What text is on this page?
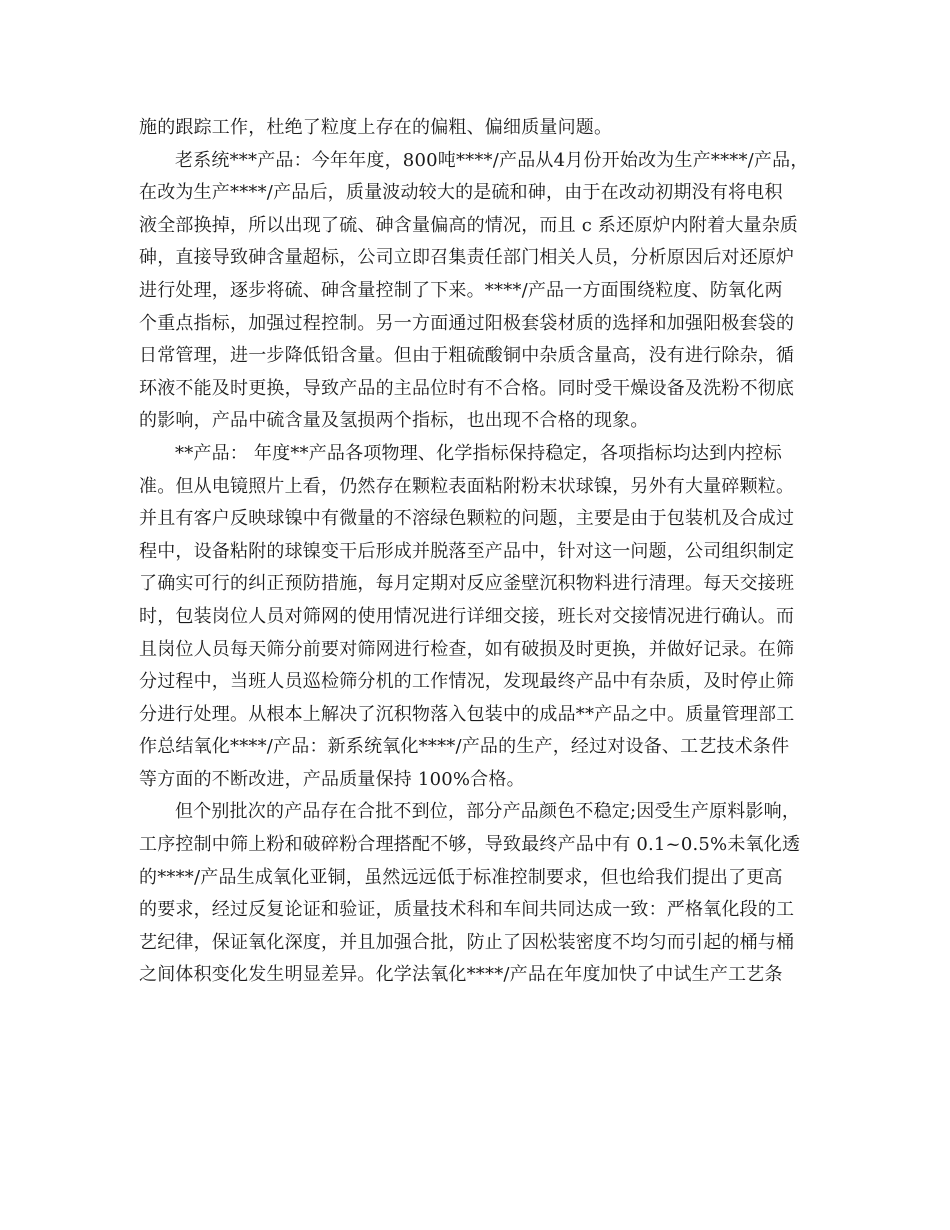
施的跟踪工作，杜绝了粒度上存在的偏粗、偏细质量问题。
老系统***产品：今年年度，800吨****/产品从4月份开始改为生产****/产品，
在改为生产****/产品后，质量波动较大的是硫和砷，由于在改动初期没有将电积
液全部换掉，所以出现了硫、砷含量偏高的情况，而且 c 系还原炉内附着大量杂质
砷，直接导致砷含量超标，公司立即召集责任部门相关人员，分析原因后对还原炉
进行处理，逐步将硫、砷含量控制了下来。****/产品一方面围绕粒度、防氧化两
个重点指标，加强过程控制。另一方面通过阳极套袋材质的选择和加强阳极套袋的
日常管理，进一步降低铅含量。但由于粗硫酸铜中杂质含量高，没有进行除杂，循
环液不能及时更换，导致产品的主品位时有不合格。同时受干燥设备及洗粉不彻底
的影响，产品中硫含量及氢损两个指标，也出现不合格的现象。
**产品： 年度**产品各项物理、化学指标保持稳定，各项指标均达到内控标
准。但从电镜照片上看，仍然存在颗粒表面粘附粉末状球镍，另外有大量碎颗粒。
并且有客户反映球镍中有微量的不溶绿色颗粒的问题，主要是由于包装机及合成过
程中，设备粘附的球镍变干后形成并脱落至产品中，针对这一问题，公司组织制定
了确实可行的纠正预防措施，每月定期对反应釜壁沉积物料进行清理。每天交接班
时，包装岗位人员对筛网的使用情况进行详细交接，班长对交接情况进行确认。而
且岗位人员每天筛分前要对筛网进行检查，如有破损及时更换，并做好记录。在筛
分过程中，当班人员巡检筛分机的工作情况，发现最终产品中有杂质，及时停止筛
分进行处理。从根本上解决了沉积物落入包装中的成品**产品之中。质量管理部工
作总结氧化****/产品：新系统氧化****/产品的生产，经过对设备、工艺技术条件
等方面的不断改进，产品质量保持 100%合格。
但个别批次的产品存在合批不到位，部分产品颜色不稳定;因受生产原料影响，
工序控制中筛上粉和破碎粉合理搭配不够，导致最终产品中有 0.1~0.5%未氧化透
的****/产品生成氧化亚铜，虽然远远低于标准控制要求，但也给我们提出了更高
的要求，经过反复论证和验证，质量技术科和车间共同达成一致：严格氧化段的工
艺纪律，保证氧化深度，并且加强合批，防止了因松装密度不均匀而引起的桶与桶
之间体积变化发生明显差异。化学法氧化****/产品在年度加快了中试生产工艺条
